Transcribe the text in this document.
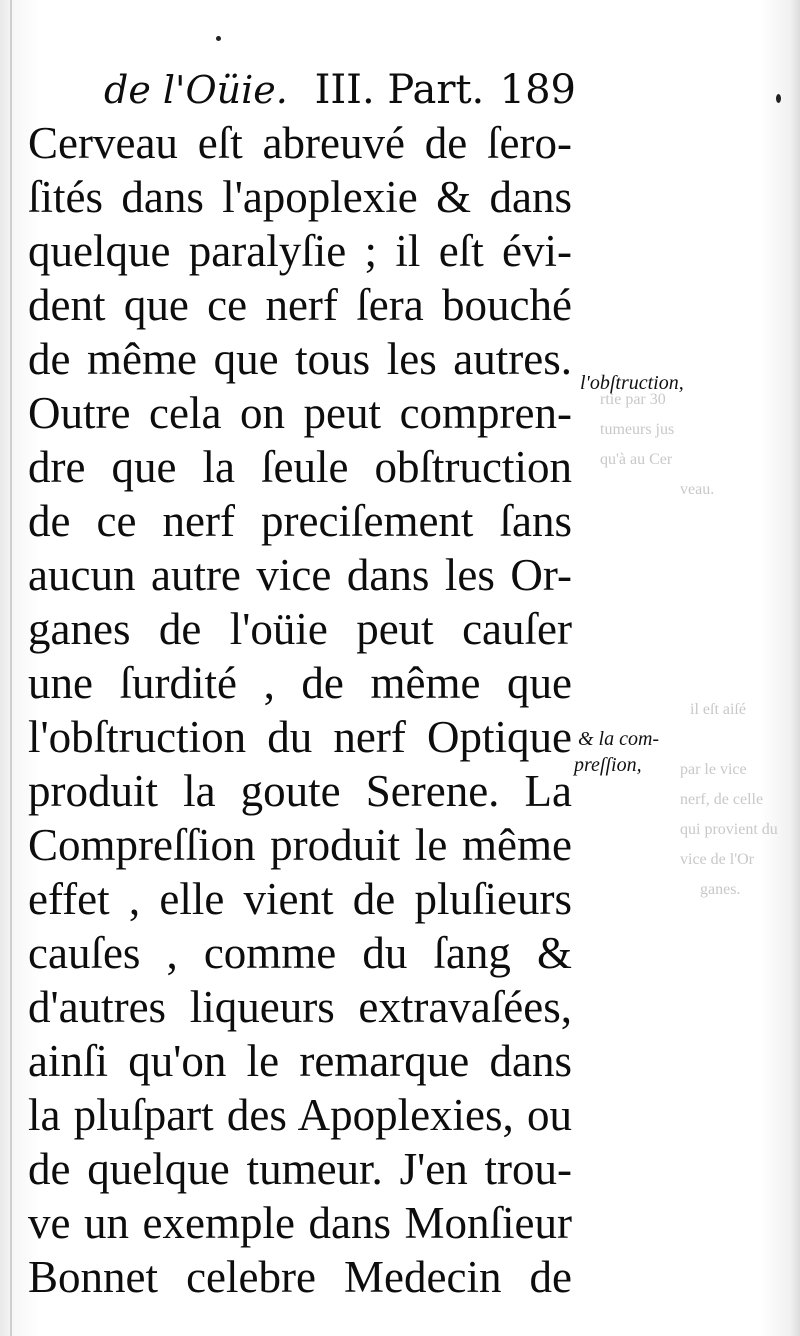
rtie par 30
tumeurs jus
qu'à au Cer
veau.
il eſt aiſé
par le vice
nerf, de celle
qui provient du
vice de l'Or
ganes.
de l'Oüie. III. Part. 189
Cerveau eſt abreuvé de ſero-
ſités dans l'apoplexie & dans
quelque paralyſie ; il eſt évi-
dent que ce nerf ſera bouché
de même que tous les autres.
Outre cela on peut compren-
dre que la ſeule obſtruction
de ce nerf preciſement ſans
aucun autre vice dans les Or-
ganes de l'oüie peut cauſer
une ſurdité , de même que
l'obſtruction du nerf Optique
produit la goute Serene. La
Compreſſion produit le même
effet , elle vient de pluſieurs
cauſes , comme du ſang &
d'autres liqueurs extravaſées,
ainſi qu'on le remarque dans
la pluſpart des Apoplexies, ou
de quelque tumeur. J'en trou-
ve un exemple dans Monſieur
Bonnet celebre Medecin de
l'obſtruction,
& la com-
preſſion,
